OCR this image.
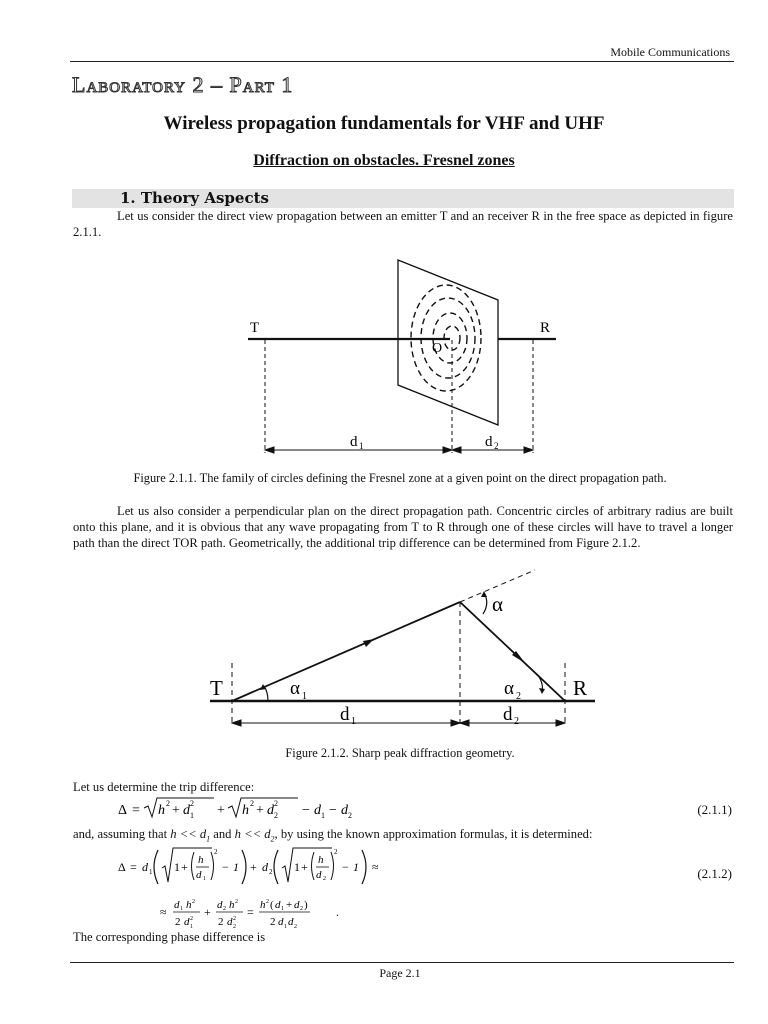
Mobile Communications
Laboratory 2 – Part 1
Wireless propagation fundamentals for VHF and UHF
Diffraction on obstacles. Fresnel zones
1. Theory Aspects
Let us consider the direct view propagation between an emitter T and an receiver R in the free space as depicted in figure 2.1.1.
T	R
O
d 1	d 2
Figure 2.1.1. The family of circles defining the Fresnel zone at a given point on the direct propagation path.
Let us also consider a perpendicular plan on the direct propagation path. Concentric circles of arbitrary radius are built onto this plane, and it is obvious that any wave propagating from T to R through one of these circles will have to travel a longer path than the direct TOR path. Geometrically, the additional trip difference can be determined from Figure 2.1.2.
T	R
α
α 1	α 2
d 1	d 2
Figure 2.1.2. Sharp peak diffraction geometry.
Let us determine the trip difference:
Δ = h 2 + d 2
1 + h 2 + d 2
2 − d 1 − d 2	(2.1.1)
and, assuming that $h << d_1$ and $h << d_2$, by using the known approximation formulas, it is determined:
Δ = d 1 1 + h
d 1
2
− 1 + d 2 1 + h
d 2
2
− 1 ≈
≈ d 1 h 2
2 d 2
1
+ d 2 h 2
2 d 2
2
= h 2 ( d 1 + d 2 )
2 d 1 d 2
.
(2.1.2)
The corresponding phase difference is
Page 2.1
